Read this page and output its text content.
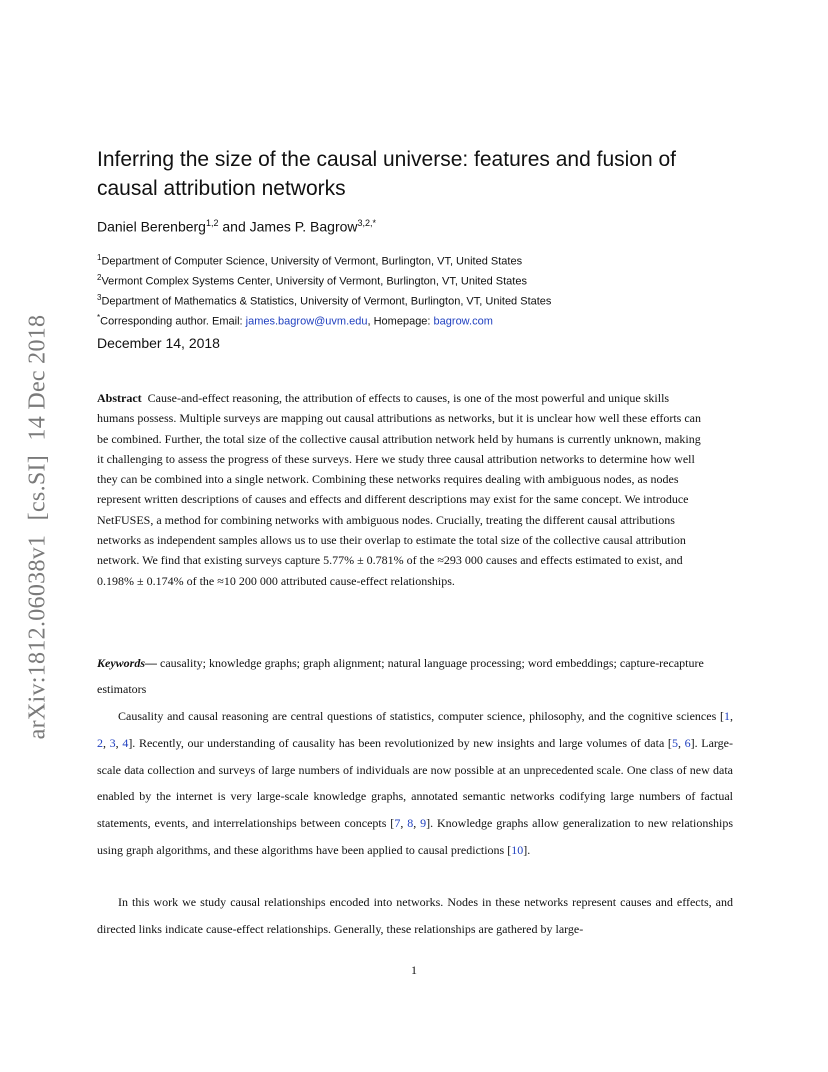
arXiv:1812.06038v1 [cs.SI] 14 Dec 2018
Inferring the size of the causal universe: features and fusion of causal attribution networks
Daniel Berenberg$^{1,2}$ and James P. Bagrow$^{3,2,*}$
$^1$Department of Computer Science, University of Vermont, Burlington, VT, United States
$^2$Vermont Complex Systems Center, University of Vermont, Burlington, VT, United States
$^3$Department of Mathematics & Statistics, University of Vermont, Burlington, VT, United States
*Corresponding author. Email: james.bagrow@uvm.edu, Homepage: bagrow.com
December 14, 2018

Abstract Cause-and-effect reasoning, the attribution of effects to causes, is one of the most powerful and unique skills humans possess. Multiple surveys are mapping out causal attributions as networks, but it is unclear how well these efforts can be combined. Further, the total size of the collective causal attribution network held by humans is currently unknown, making it challenging to assess the progress of these surveys. Here we study three causal attribution networks to determine how well they can be combined into a single network. Combining these networks requires dealing with ambiguous nodes, as nodes represent written descriptions of causes and effects and different descriptions may exist for the same concept. We introduce NetFUSES, a method for combining networks with ambiguous nodes. Crucially, treating the different causal attributions networks as independent samples allows us to use their overlap to estimate the total size of the collective causal attribution network. We find that existing surveys capture 5.77% ± 0.781% of the ≈293 000 causes and effects estimated to exist, and 0.198% ± 0.174% of the ≈10 200 000 attributed cause-effect relationships.

Keywords— causality; knowledge graphs; graph alignment; natural language processing; word embeddings; capture-recapture estimators

Causality and causal reasoning are central questions of statistics, computer science, philosophy, and the cognitive sciences [1, 2, 3, 4]. Recently, our understanding of causality has been revolutionized by new insights and large volumes of data [5, 6]. Large-scale data collection and surveys of large numbers of individuals are now possible at an unprecedented scale. One class of new data enabled by the internet is very large-scale knowledge graphs, annotated semantic networks codifying large numbers of factual statements, events, and interrelationships between concepts [7, 8, 9]. Knowledge graphs allow generalization to new relationships using graph algorithms, and these algorithms have been applied to causal predictions [10].

In this work we study causal relationships encoded into networks. Nodes in these networks represent causes and effects, and directed links indicate cause-effect relationships. Generally, these relationships are gathered by large-

1
